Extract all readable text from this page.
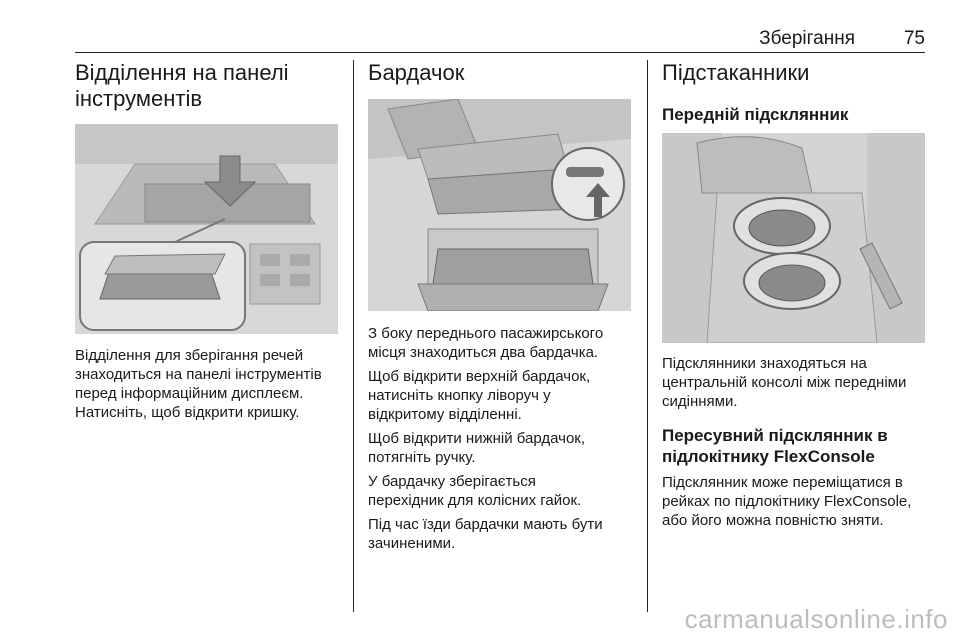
Зберігання	75
Відділення на панелі
інструментів

Відділення для зберігання речей
знаходиться на панелі інструментів
перед інформаційним дисплеєм.
Натисніть, щоб відкрити кришку.

Бардачок

З боку переднього пасажирського
місця знаходиться два бардачка.

Щоб відкрити верхній бардачок,
натисніть кнопку ліворуч у
відкритому відділенні.

Щоб відкрити нижній бардачок,
потягніть ручку.

У бардачку зберігається
перехідник для колісних гайок.

Під час їзди бардачки мають бути
зачиненими.

Підстаканники
Передній підсклянник

Підсклянники знаходяться на
центральній консолі між передніми
сидіннями.

Пересувний підсклянник в
підлокітнику FlexConsole

Підсклянник може переміщатися в
рейках по підлокітнику FlexConsole,
або його можна повністю зняти.

carmanualsonline.info
